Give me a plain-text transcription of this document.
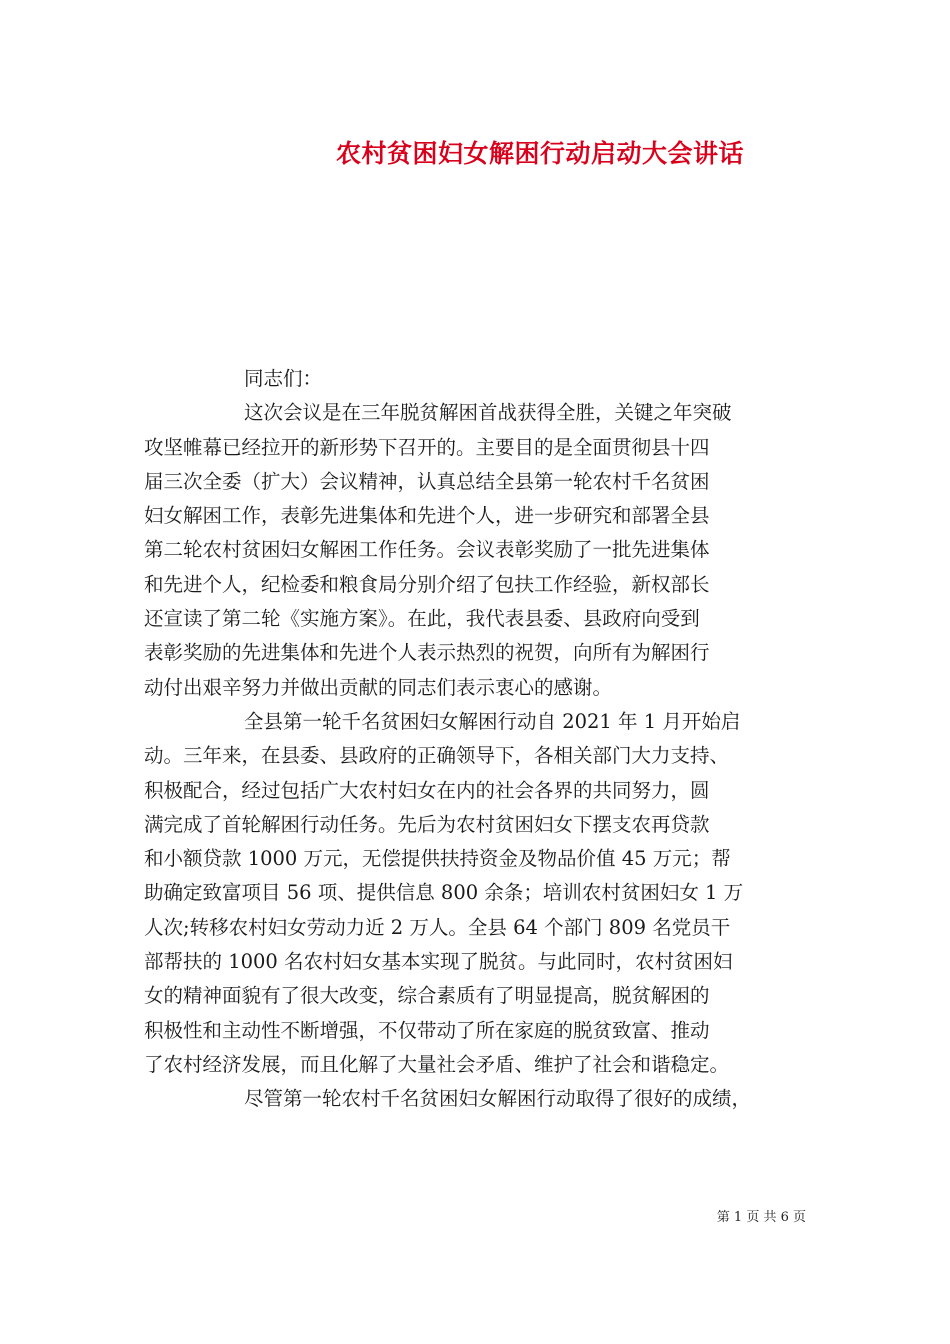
农村贫困妇女解困行动启动大会讲话
同志们：
这次会议是在三年脱贫解困首战获得全胜，关键之年突破
攻坚帷幕已经拉开的新形势下召开的。主要目的是全面贯彻县十四
届三次全委（扩大）会议精神，认真总结全县第一轮农村千名贫困
妇女解困工作，表彰先进集体和先进个人，进一步研究和部署全县
第二轮农村贫困妇女解困工作任务。会议表彰奖励了一批先进集体
和先进个人，纪检委和粮食局分别介绍了包扶工作经验，新权部长
还宣读了第二轮《实施方案》。在此，我代表县委、县政府向受到
表彰奖励的先进集体和先进个人表示热烈的祝贺，向所有为解困行
动付出艰辛努力并做出贡献的同志们表示衷心的感谢。
全县第一轮千名贫困妇女解困行动自 2021 年 1 月开始启
动。三年来，在县委、县政府的正确领导下，各相关部门大力支持、
积极配合，经过包括广大农村妇女在内的社会各界的共同努力，圆
满完成了首轮解困行动任务。先后为农村贫困妇女下摆支农再贷款
和小额贷款 1000 万元，无偿提供扶持资金及物品价值 45 万元；帮
助确定致富项目 56 项、提供信息 800 余条；培训农村贫困妇女 1 万
人次;转移农村妇女劳动力近 2 万人。全县 64 个部门 809 名党员干
部帮扶的 1000 名农村妇女基本实现了脱贫。与此同时，农村贫困妇
女的精神面貌有了很大改变，综合素质有了明显提高，脱贫解困的
积极性和主动性不断增强，不仅带动了所在家庭的脱贫致富、推动
了农村经济发展，而且化解了大量社会矛盾、维护了社会和谐稳定。
尽管第一轮农村千名贫困妇女解困行动取得了很好的成绩，
第 1 页 共 6 页
